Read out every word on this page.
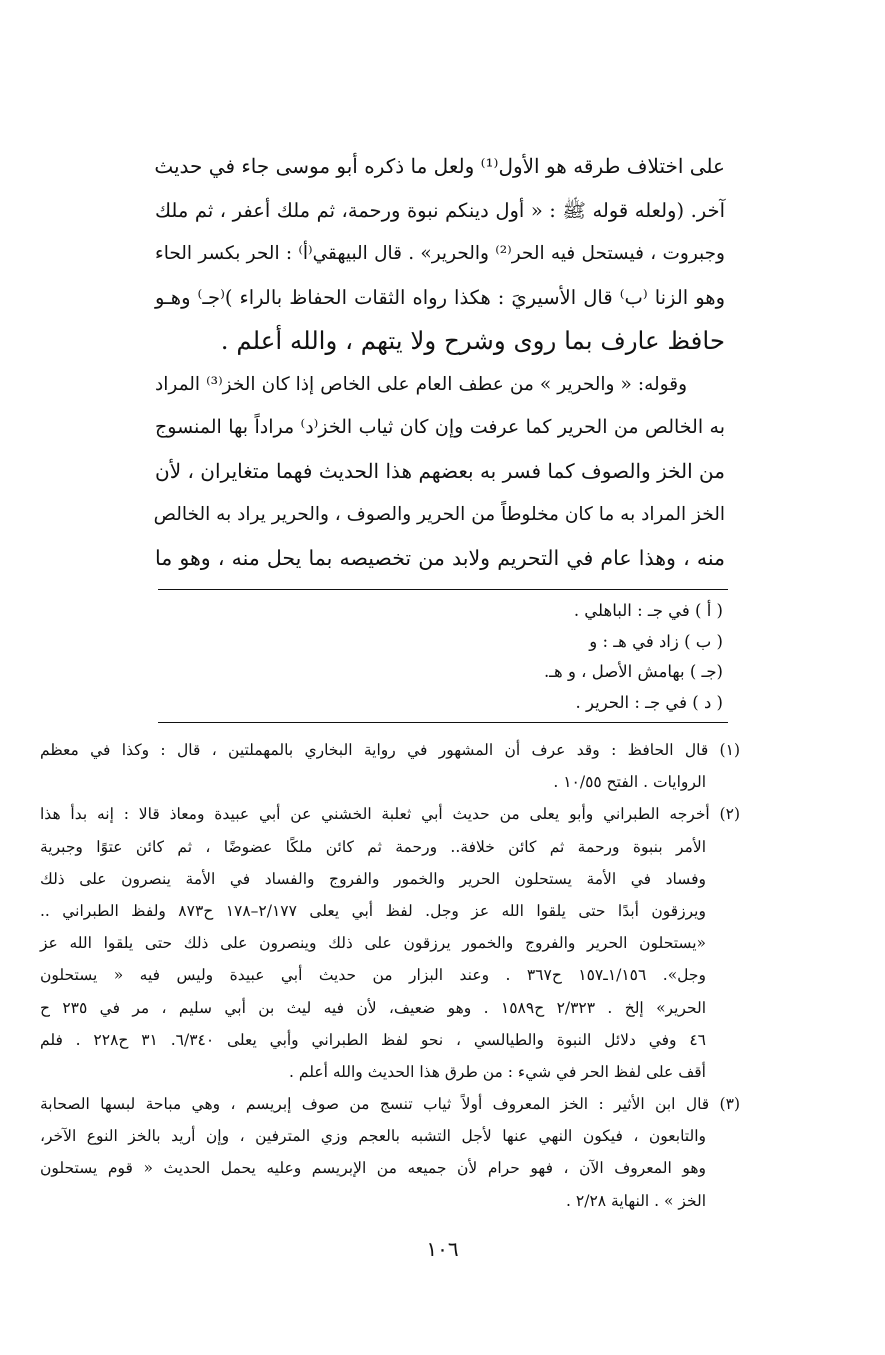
على اختلاف طرقه هو الأول⁽¹⁾ ولعل ما ذكره أبو موسى جاء في حديث
آخر. (ولعله قوله ﷺ : « أول دينكم نبوة ورحمة، ثم ملك أعفر ، ثم ملك
وجبروت ، فيستحل فيه الحر⁽²⁾ والحرير» . قال البيهقي⁽أ⁾ : الحر بكسر الحاء
وهو الزنا ⁽ب⁾ قال الأسيريَ : هكذا رواه الثقات الحفاظ بالراء )⁽جـ⁾ وهـو
حافظ عارف بما روى وشرح ولا يتهم ، والله أعلم .
وقوله: « والحرير » من عطف العام على الخاص إذا كان الخز⁽³⁾ المراد
به الخالص من الحرير كما عرفت وإن كان ثياب الخز⁽د⁾ مراداً بها المنسوج
من الخز والصوف كما فسر به بعضهم هذا الحديث فهما متغايران ، لأن
الخز المراد به ما كان مخلوطاً من الحرير والصوف ، والحرير يراد به الخالص
منه ، وهذا عام في التحريم ولابد من تخصيصه بما يحل منه ، وهو ما
( أ ) في جـ : الباهلي .
( ب ) زاد في هـ : و
(جـ ) بهامش الأصل ، و هـ.
( د ) في جـ : الحرير .
(١) قال الحافظ : وقد عرف أن المشهور في رواية البخاري بالمهملتين ، قال : وكذا في معظم
الروايات . الفتح ١٠/٥٥ .
(٢) أخرجه الطبراني وأبو يعلى من حديث أبي ثعلبة الخشني عن أبي عبيدة ومعاذ قالا : إنه بدأ هذا
الأمر بنبوة ورحمة ثم كائن خلافة.. ورحمة ثم كائن ملكًا عضوضًا ، ثم كائن عتوًا وجبرية
وفساد في الأمة يستحلون الحرير والخمور والفروج والفساد في الأمة ينصرون على ذلك
ويرزقون أبدًا حتى يلقوا الله عز وجل. لفظ أبي يعلى ٢/١٧٧–١٧٨ ح٨٧٣ ولفظ الطبراني ..
«يستحلون الحرير والفروج والخمور يرزقون على ذلك وينصرون على ذلك حتى يلقوا الله عز
وجل». ١/١٥٦ـ١٥٧ ح٣٦٧ . وعند البزار من حديث أبي عبيدة وليس فيه « يستحلون
الحرير» إلخ . ٢/٣٢٣ ح١٥٨٩ . وهو ضعيف، لأن فيه ليث بن أبي سليم ، مر في ٢٣٥ ح
٤٦ وفي دلائل النبوة والطيالسي ، نحو لفظ الطبراني وأبي يعلى ٦/٣٤٠. ٣١ ح٢٢٨ . فلم
أقف على لفظ الحر في شيء : من طرق هذا الحديث والله أعلم .
(٣) قال ابن الأثير : الخز المعروف أولاً ثياب تنسج من صوف إبريسم ، وهي مباحة لبسها الصحابة
والتابعون ، فيكون النهي عنها لأجل التشبه بالعجم وزي المترفين ، وإن أريد بالخز النوع الآخر،
وهو المعروف الآن ، فهو حرام لأن جميعه من الإبريسم وعليه يحمل الحديث « قوم يستحلون
الخز » . النهاية ٢/٢٨ .
١٠٦
